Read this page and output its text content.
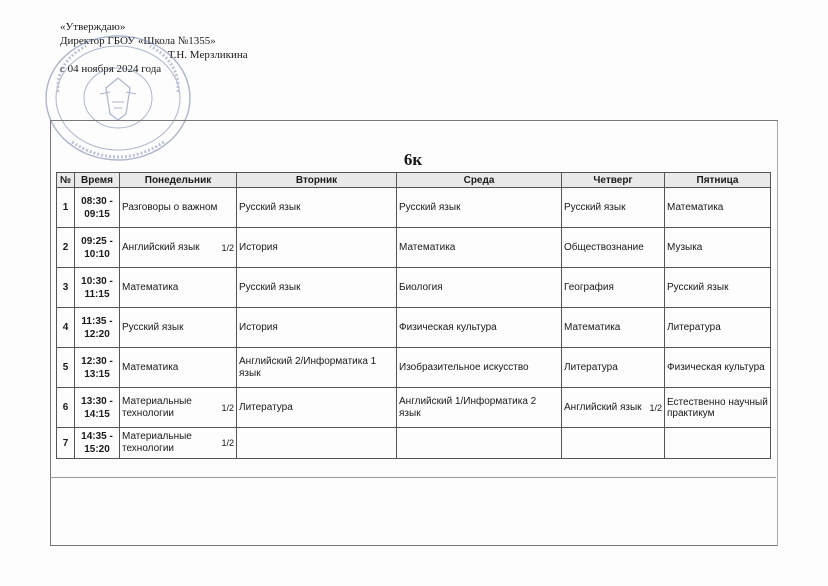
«Утверждаю»
Директор ГБОУ «Школа №1355»
Т.Н. Мерзликина
с 04 ноября 2024 года
6к
№	Время	Понедельник	Вторник	Среда	Четверг	Пятница
1	08:30 - 09:15	Разговоры о важном	Русский язык	Русский язык	Русский язык	Математика
2	09:25 - 10:10	Английский язык 1/2	История	Математика	Обществознание	Музыка
3	10:30 - 11:15	Математика	Русский язык	Биология	География	Русский язык
4	11:35 - 12:20	Русский язык	История	Физическая культура	Математика	Литература
5	12:30 - 13:15	Математика	Английский 2/Информатика 1 язык	Изобразительное искусство	Литература	Физическая культура
6	13:30 - 14:15	Материальные технологии 1/2	Литература	Английский 1/Информатика 2 язык	Английский язык 1/2	Естественно научный практикум
7	14:35 - 15:20	Материальные технологии 1/2				
